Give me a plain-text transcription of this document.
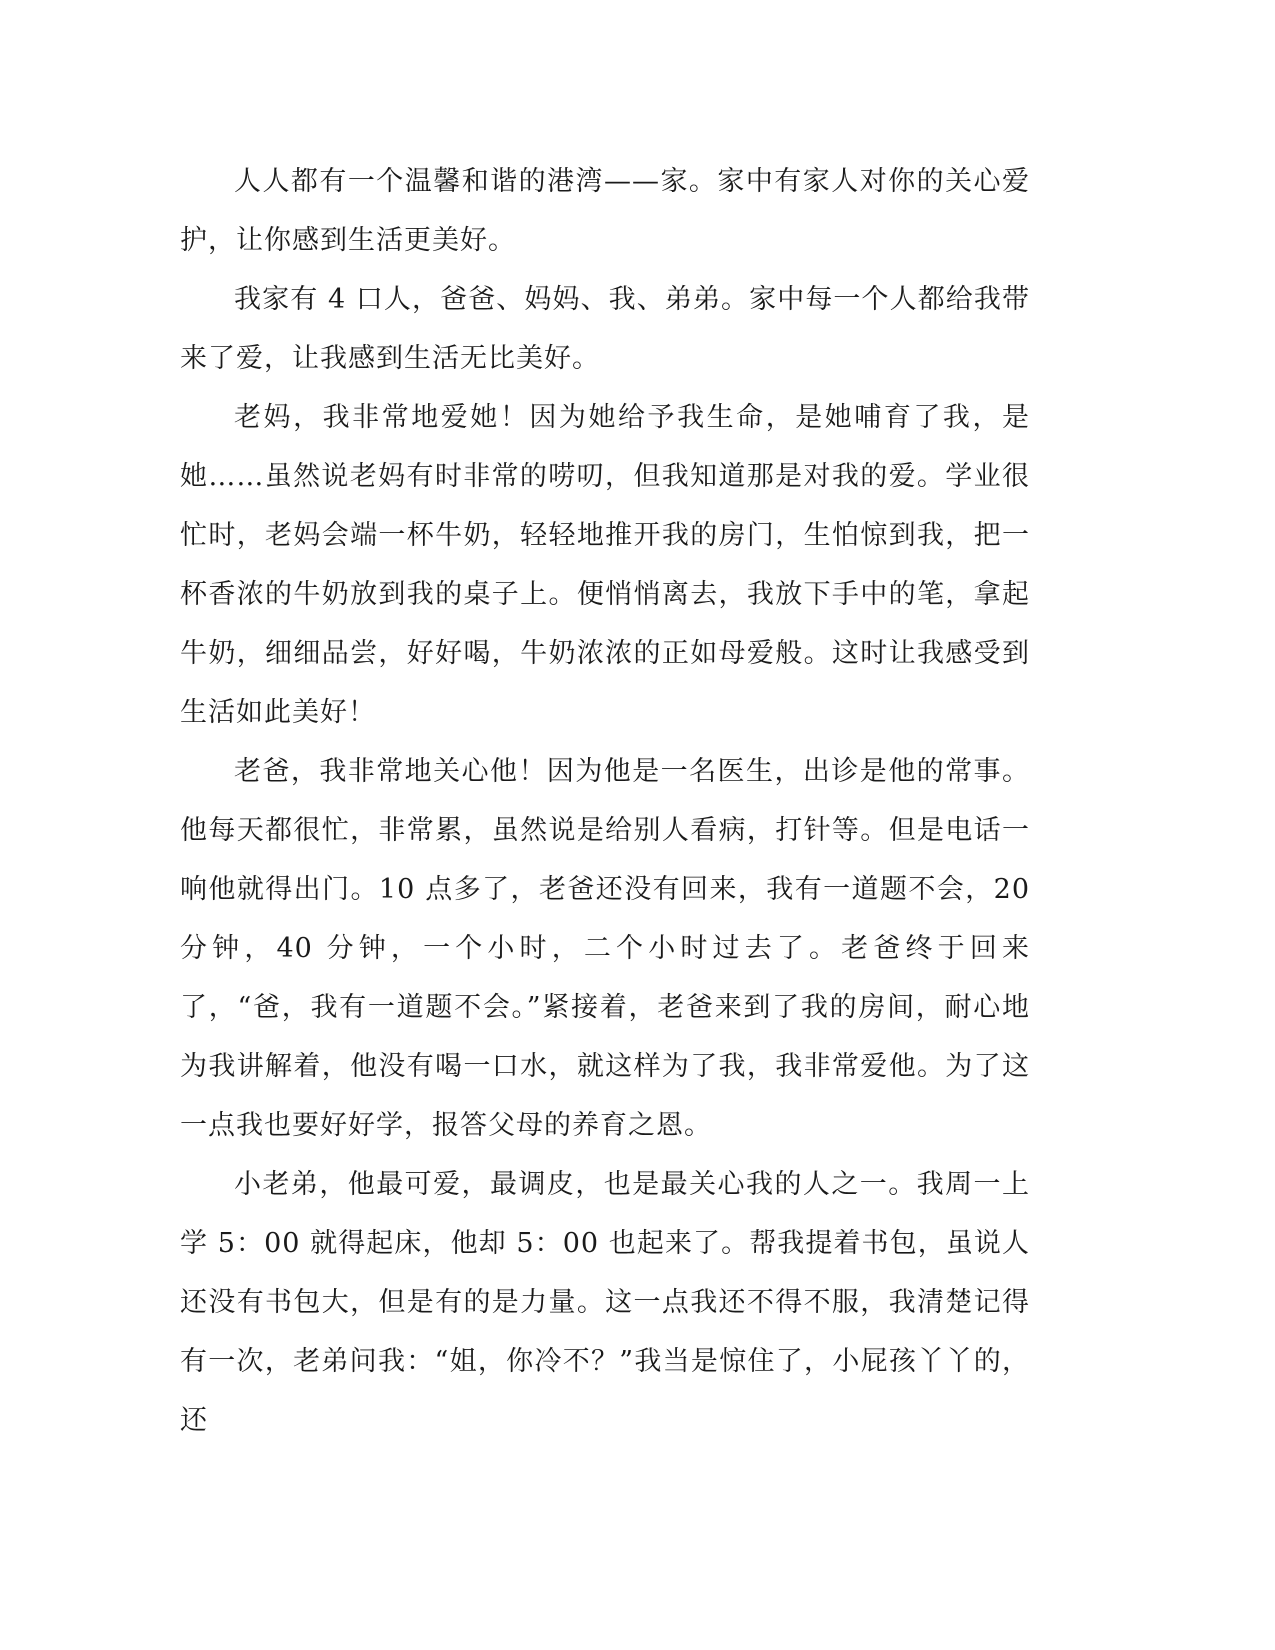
人人都有一个温馨和谐的港湾——家。家中有家人对你的关心爱护，让你感到生活更美好。

我家有 4 口人，爸爸、妈妈、我、弟弟。家中每一个人都给我带来了爱，让我感到生活无比美好。

老妈，我非常地爱她！因为她给予我生命，是她哺育了我，是她……虽然说老妈有时非常的唠叨，但我知道那是对我的爱。学业很忙时，老妈会端一杯牛奶，轻轻地推开我的房门，生怕惊到我，把一杯香浓的牛奶放到我的桌子上。便悄悄离去，我放下手中的笔，拿起牛奶，细细品尝，好好喝，牛奶浓浓的正如母爱般。这时让我感受到生活如此美好！

老爸，我非常地关心他！因为他是一名医生，出诊是他的常事。他每天都很忙，非常累，虽然说是给别人看病，打针等。但是电话一响他就得出门。10 点多了，老爸还没有回来，我有一道题不会，20 分钟，40 分钟，一个小时，二个小时过去了。老爸终于回来了，“爸，我有一道题不会。”紧接着，老爸来到了我的房间，耐心地为我讲解着，他没有喝一口水，就这样为了我，我非常爱他。为了这一点我也要好好学，报答父母的养育之恩。

小老弟，他最可爱，最调皮，也是最关心我的人之一。我周一上学 5：00 就得起床，他却 5：00 也起来了。帮我提着书包，虽说人还没有书包大，但是有的是力量。这一点我还不得不服，我清楚记得有一次，老弟问我：“姐，你冷不？”我当是惊住了，小屁孩丫丫的，还
